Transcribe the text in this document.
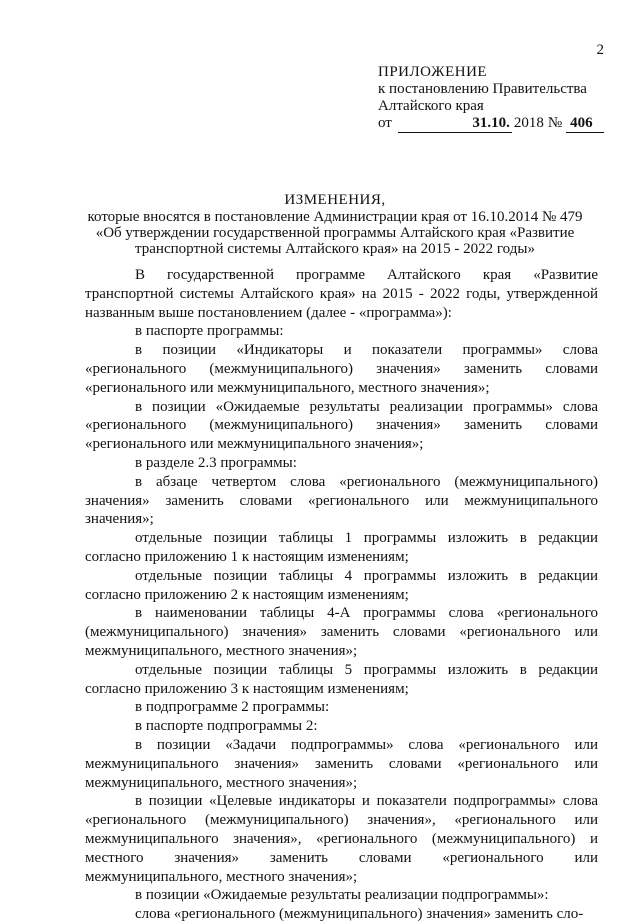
2
ПРИЛОЖЕНИЕ
к постановлению Правительства
Алтайского края
от	31.10. 2018 № 406
ИЗМЕНЕНИЯ,
которые вносятся в постановление Администрации края от 16.10.2014 № 479
«Об утверждении государственной программы Алтайского края «Развитие
транспортной системы Алтайского края» на 2015 - 2022 годы»

В государственной программе Алтайского края «Развитие транспортной системы Алтайского края» на 2015 - 2022 годы, утвержденной названным выше постановлением (далее - «программа»):

в паспорте программы:

в позиции «Индикаторы и показатели программы» слова «регионального (межмуниципального) значения» заменить словами «регионального или межмуниципального, местного значения»;

в позиции «Ожидаемые результаты реализации программы» слова «регионального (межмуниципального) значения» заменить словами «регионального или межмуниципального значения»;

в разделе 2.3 программы:

в абзаце четвертом слова «регионального (межмуниципального) значения» заменить словами «регионального или межмуниципального значения»;

отдельные позиции таблицы 1 программы изложить в редакции согласно приложению 1 к настоящим изменениям;

отдельные позиции таблицы 4 программы изложить в редакции согласно приложению 2 к настоящим изменениям;

в наименовании таблицы 4-А программы слова «регионального (межмуниципального) значения» заменить словами «регионального или межмуниципального, местного значения»;

отдельные позиции таблицы 5 программы изложить в редакции согласно приложению 3 к настоящим изменениям;

в подпрограмме 2 программы:

в паспорте подпрограммы 2:

в позиции «Задачи подпрограммы» слова «регионального или межмуниципального значения» заменить словами «регионального или межмуниципального, местного значения»;

в позиции «Целевые индикаторы и показатели подпрограммы» слова «регионального (межмуниципального) значения», «регионального или межмуниципального значения», «регионального (межмуниципального) и местного значения» заменить словами «регионального или межмуниципального, местного значения»;

в позиции «Ожидаемые результаты реализации подпрограммы»:

слова «регионального (межмуниципального) значения» заменить сло-
